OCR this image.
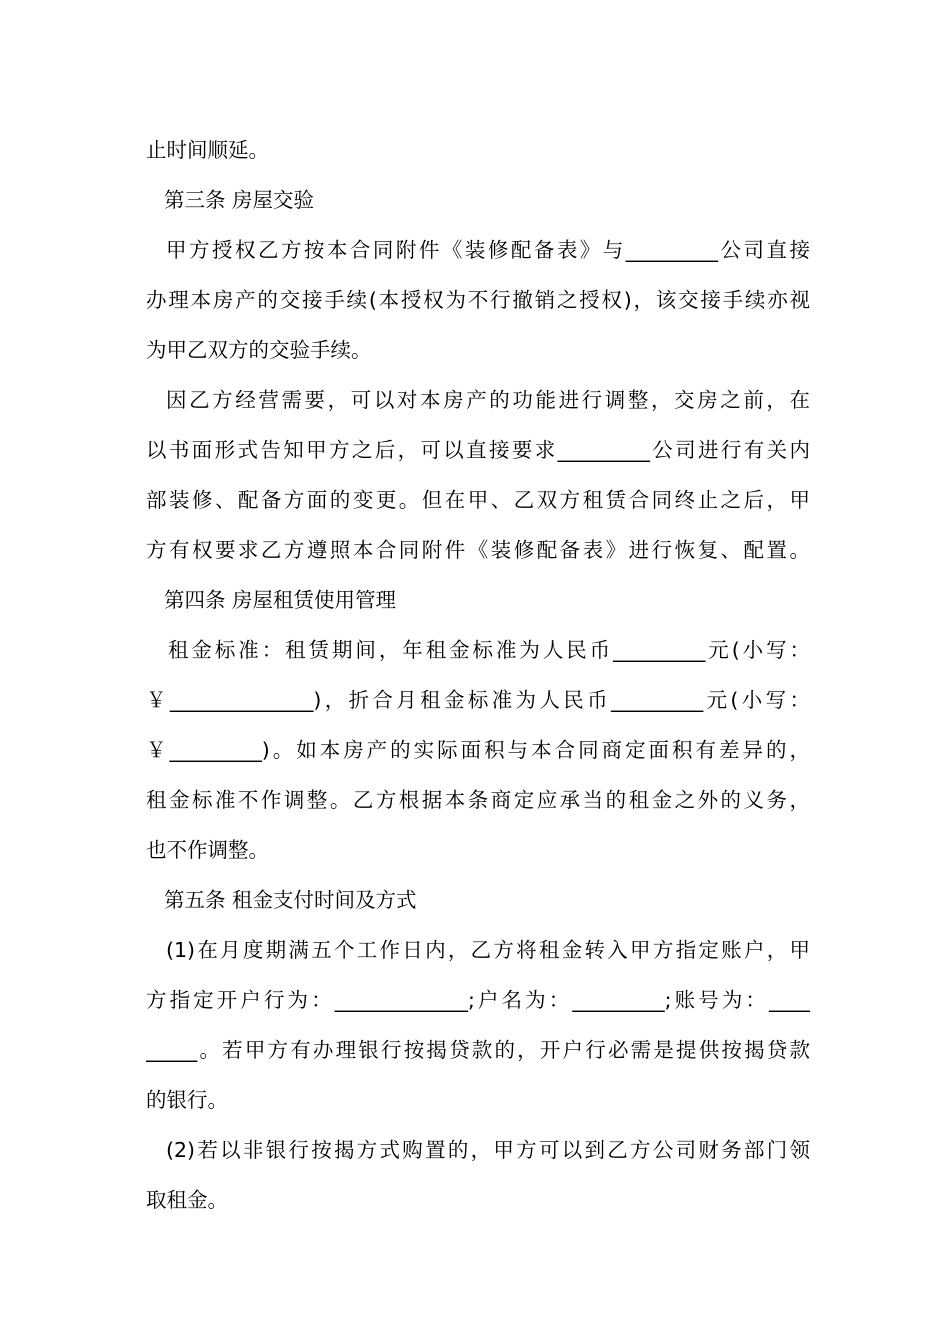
止时间顺延。
第三条 房屋交验
甲方授权乙方按本合同附件《装修配备表》与_________公司直接
办理本房产的交接手续(本授权为不行撤销之授权)，该交接手续亦视
为甲乙双方的交验手续。
因乙方经营需要，可以对本房产的功能进行调整，交房之前，在
以书面形式告知甲方之后，可以直接要求_________公司进行有关内
部装修、配备方面的变更。但在甲、乙双方租赁合同终止之后，甲
方有权要求乙方遵照本合同附件《装修配备表》进行恢复、配置。
第四条 房屋租赁使用管理
租金标准：租赁期间，年租金标准为人民币_________元(小写：
￥______________)，折合月租金标准为人民币_________元(小写：
￥_________)。如本房产的实际面积与本合同商定面积有差异的，
租金标准不作调整。乙方根据本条商定应承当的租金之外的义务，
也不作调整。
第五条 租金支付时间及方式
(1)在月度期满五个工作日内，乙方将租金转入甲方指定账户，甲
方指定开户行为：_____________;户名为：_________;账号为：____
_____。若甲方有办理银行按揭贷款的，开户行必需是提供按揭贷款
的银行。
(2)若以非银行按揭方式购置的，甲方可以到乙方公司财务部门领
取租金。
